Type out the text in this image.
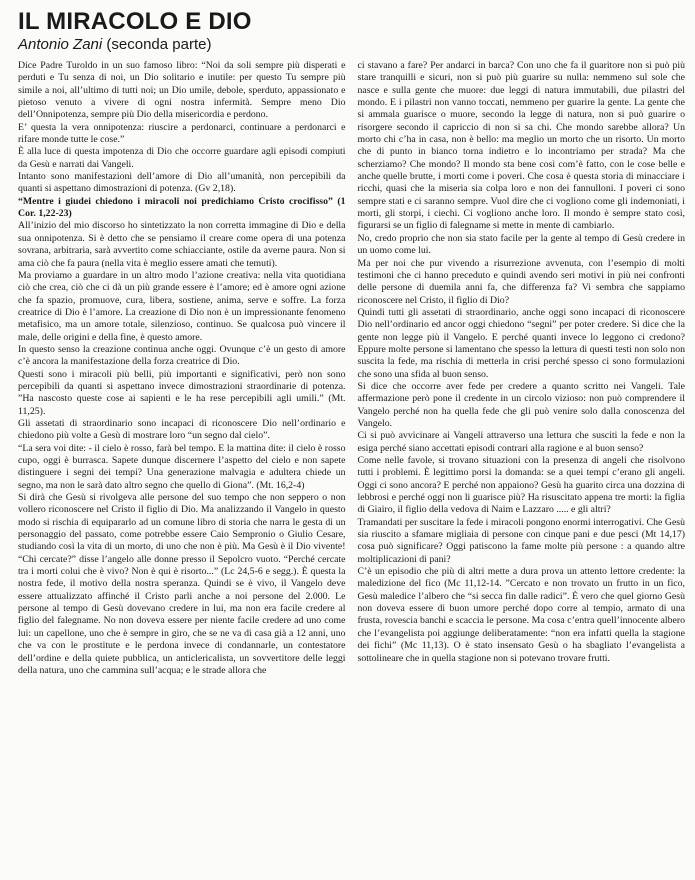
IL MIRACOLO E DIO
Antonio Zani (seconda parte)

Dice Padre Turoldo in un suo famoso libro: “Noi da soli sempre più disperati e perduti e Tu senza di noi, un Dio solitario e inutile: per questo Tu sempre più simile a noi, all’ultimo di tutti noi; un Dio umile, debole, sperduto, appassionato e pietoso venuto a vivere di ogni nostra infermità. Sempre meno Dio dell’Onnipotenza, sempre più Dio della misericordia e perdono.

E’ questa la vera onnipotenza: riuscire a perdonarci, continuare a perdonarci e rifare monde tutte le cose.”

È alla luce di questa impotenza di Dio che occorre guardare agli episodi compiuti da Gesù e narrati dai Vangeli.

Intanto sono manifestazioni dell’amore di Dio all’umanità, non percepibili da quanti si aspettano dimostrazioni di potenza. (Gv 2,18).

“Mentre i giudei chiedono i miracoli noi predichiamo Cristo crocifisso” (1 Cor. 1,22-23)

All’inizio del mio discorso ho sintetizzato la non corretta immagine di Dio e della sua onnipotenza. Si è detto che se pensiamo il creare come opera di una potenza sovrana, arbitraria, sarà avvertito come schiacciante, ostile da averne paura. Non si ama ciò che fa paura (nella vita è meglio essere amati che temuti).

Ma proviamo a guardare in un altro modo l’azione creativa: nella vita quotidiana ciò che crea, ciò che ci dà un più grande essere è l’amore; ed è amore ogni azione che fa spazio, promuove, cura, libera, sostiene, anima, serve e soffre. La forza creatrice di Dio è l’amore. La creazione di Dio non è un impressionante fenomeno metafisico, ma un amore totale, silenzioso, continuo. Se qualcosa può vincere il male, delle origini e della fine, è questo amore.

In questo senso la creazione continua anche oggi. Ovunque c’è un gesto di amore c’è ancora la manifestazione della forza creatrice di Dio.

Questi sono i miracoli più belli, più importanti e significativi, però non sono percepibili da quanti si aspettano invece dimostrazioni straordinarie di potenza. ”Ha nascosto queste cose ai sapienti e le ha rese percepibili agli umili.” (Mt. 11,25).

Gli assetati di straordinario sono incapaci di riconoscere Dio nell’ordinario e chiedono più volte a Gesù di mostrare loro “un segno dal cielo”.

“La sera voi dite: - il cielo è rosso, farà bel tempo. E la mattina dite: il cielo è rosso cupo, oggi è burrasca. Sapete dunque discernere l’aspetto del cielo e non sapete distinguere i segni dei tempi? Una generazione malvagia e adultera chiede un segno, ma non le sarà dato altro segno che quello di Giona”. (Mt. 16,2-4)

Si dirà che Gesù si rivolgeva alle persone del suo tempo che non seppero o non vollero riconoscere nel Cristo il figlio di Dio. Ma analizzando il Vangelo in questo modo si rischia di equipararlo ad un comune libro di storia che narra le gesta di un personaggio del passato, come potrebbe essere Caio Sempronio o Giulio Cesare, studiando così la vita di un morto, di uno che non è più. Ma Gesù è il Dio vivente! “Chi cercate?” disse l’angelo alle donne presso il Sepolcro vuoto. “Perché cercate tra i morti colui che è vivo? Non è qui è risorto...” (Lc 24,5-6 e segg.). È questa la nostra fede, il motivo della nostra speranza. Quindi se è vivo, il Vangelo deve essere attualizzato affinché il Cristo parli anche a noi persone del 2.000. Le persone al tempo di Gesù dovevano credere in lui, ma non era facile credere al figlio del falegname. No non doveva essere per niente facile credere ad uno come lui: un capellone, uno che è sempre in giro, che se ne va di casa già a 12 anni, uno che va con le prostitute e le perdona invece di condannarle, un contestatore dell’ordine e della quiete pubblica, un anticlericalista, un sovvertitore delle leggi della natura, uno che cammina sull’acqua; e le strade allora che

ci stavano a fare? Per andarci in barca? Con uno che fa il guaritore non si può più stare tranquilli e sicuri, non si può più guarire su nulla: nemmeno sul sole che nasce e sulla gente che muore: due leggi di natura immutabili, due pilastri del mondo. E i pilastri non vanno toccati, nemmeno per guarire la gente. La gente che si ammala guarisce o muore, secondo la legge di natura, non si può guarire o risorgere secondo il capriccio di non si sa chi. Che mondo sarebbe allora? Un morto chi c’ha in casa, non è bello: ma meglio un morto che un risorto. Un morto che di punto in bianco torna indietro e lo incontriamo per strada? Ma che scherziamo? Che mondo? Il mondo sta bene così com’è fatto, con le cose belle e anche quelle brutte, i morti come i poveri. Che cosa è questa storia di minacciare i ricchi, quasi che la miseria sia colpa loro e non dei fannulloni. I poveri ci sono sempre stati e ci saranno sempre. Vuol dire che ci vogliono come gli indemoniati, i morti, gli storpi, i ciechi. Ci vogliono anche loro. Il mondo è sempre stato così, figurarsi se un figlio di falegname si mette in mente di cambiarlo.

No, credo proprio che non sia stato facile per la gente al tempo di Gesù credere in un uomo come lui.

Ma per noi che pur vivendo a risurrezione avvenuta, con l’esempio di molti testimoni che ci hanno preceduto e quindi avendo seri motivi in più nei confronti delle persone di duemila anni fa, che differenza fa? Vi sembra che sappiamo riconoscere nel Cristo, il figlio di Dio?

Quindi tutti gli assetati di straordinario, anche oggi sono incapaci di riconoscere Dio nell’ordinario ed ancor oggi chiedono “segni” per poter credere. Si dice che la gente non legge più il Vangelo. E perché quanti invece lo leggono ci credono? Eppure molte persone si lamentano che spesso la lettura di questi testi non solo non suscita la fede, ma rischia di metterla in crisi perché spesso ci sono formulazioni che sono una sfida al buon senso.

Si dice che occorre aver fede per credere a quanto scritto nei Vangeli. Tale affermazione però pone il credente in un circolo vizioso: non può comprendere il Vangelo perché non ha quella fede che gli può venire solo dalla conoscenza del Vangelo.

Ci si può avvicinare ai Vangeli attraverso una lettura che susciti la fede e non la esiga perché siano accettati episodi contrari alla ragione e al buon senso?

Come nelle favole, si trovano situazioni con la presenza di angeli che risolvono tutti i problemi. È legittimo porsi la domanda: se a quei tempi c’erano gli angeli. Oggi ci sono ancora? E perché non appaiono? Gesù ha guarito circa una dozzina di lebbrosi e perché oggi non li guarisce più? Ha risuscitato appena tre morti: la figlia di Giairo, il figlio della vedova di Naim e Lazzaro ..... e gli altri?

Tramandati per suscitare la fede i miracoli pongono enormi interrogativi. Che Gesù sia riuscito a sfamare migliaia di persone con cinque pani e due pesci (Mt 14,17) cosa può significare? Oggi patiscono la fame molte più persone : a quando altre moltiplicazioni di pani?

C’è un episodio che più di altri mette a dura prova un attento lettore credente: la maledizione del fico (Mc 11,12-14. ”Cercato e non trovato un frutto in un fico, Gesù maledice l’albero che “si secca fin dalle radici”. È vero che quel giorno Gesù non doveva essere di buon umore perché dopo corre al tempio, armato di una frusta, rovescia banchi e scaccia le persone. Ma cosa c’entra quell’innocente albero che l’evangelista poi aggiunge deliberatamente: “non era infatti quella la stagione dei fichi” (Mc 11,13). O è stato insensato Gesù o ha sbagliato l’evangelista a sottolineare che in quella stagione non si potevano trovare frutti.
